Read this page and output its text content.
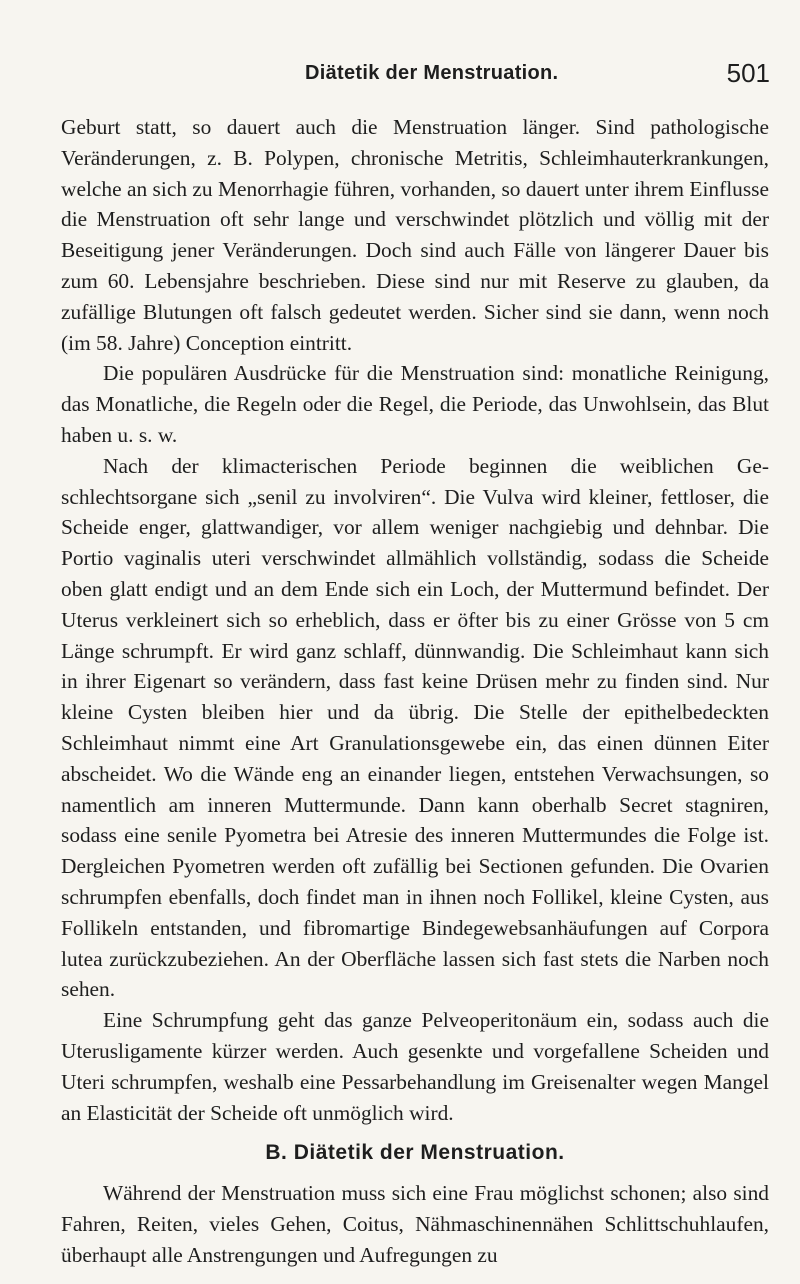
Diätetik der Menstruation.	501

Geburt statt, so dauert auch die Menstruation länger. Sind pathologische Veränderungen, z. B. Polypen, chronische Metritis, Schleimhauterkrankungen, welche an sich zu Menorrhagie führen, vorhanden, so dauert unter ihrem Einflusse die Menstruation oft sehr lange und verschwindet plötzlich und völlig mit der Beseitigung jener Veränderungen. Doch sind auch Fälle von längerer Dauer bis zum 60. Lebensjahre beschrieben. Diese sind nur mit Reserve zu glauben, da zufällige Blutungen oft falsch gedeutet werden. Sicher sind sie dann, wenn noch (im 58. Jahre) Conception eintritt.

Die populären Ausdrücke für die Menstruation sind: monatliche Reinigung, das Monatliche, die Regeln oder die Regel, die Periode, das Unwohlsein, das Blut haben u. s. w.

Nach der klimacterischen Periode beginnen die weiblichen Geschlechtsorgane sich „senil zu involviren“. Die Vulva wird kleiner, fettloser, die Scheide enger, glattwandiger, vor allem weniger nachgiebig und dehnbar. Die Portio vaginalis uteri verschwindet allmählich vollständig, sodass die Scheide oben glatt endigt und an dem Ende sich ein Loch, der Muttermund befindet. Der Uterus verkleinert sich so erheblich, dass er öfter bis zu einer Grösse von 5 cm Länge schrumpft. Er wird ganz schlaff, dünnwandig. Die Schleimhaut kann sich in ihrer Eigenart so verändern, dass fast keine Drüsen mehr zu finden sind. Nur kleine Cysten bleiben hier und da übrig. Die Stelle der epithelbedeckten Schleimhaut nimmt eine Art Granulationsgewebe ein, das einen dünnen Eiter abscheidet. Wo die Wände eng an einander liegen, entstehen Verwachsungen, so namentlich am inneren Muttermunde. Dann kann oberhalb Secret stagniren, sodass eine senile Pyometra bei Atresie des inneren Muttermundes die Folge ist. Dergleichen Pyometren werden oft zufällig bei Sectionen gefunden. Die Ovarien schrumpfen ebenfalls, doch findet man in ihnen noch Follikel, kleine Cysten, aus Follikeln entstanden, und fibromartige Bindegewebsanhäufungen auf Corpora lutea zurückzubeziehen. An der Oberfläche lassen sich fast stets die Narben noch sehen.

Eine Schrumpfung geht das ganze Pelveoperitonäum ein, sodass auch die Uterusligamente kürzer werden. Auch gesenkte und vorgefallene Scheiden und Uteri schrumpfen, weshalb eine Pessarbehandlung im Greisenalter wegen Mangel an Elasticität der Scheide oft unmöglich wird.

B. Diätetik der Menstruation.

Während der Menstruation muss sich eine Frau möglichst schonen; also sind Fahren, Reiten, vieles Gehen, Coitus, Nähmaschinennähen Schlittschuhlaufen, überhaupt alle Anstrengungen und Aufregungen zu
